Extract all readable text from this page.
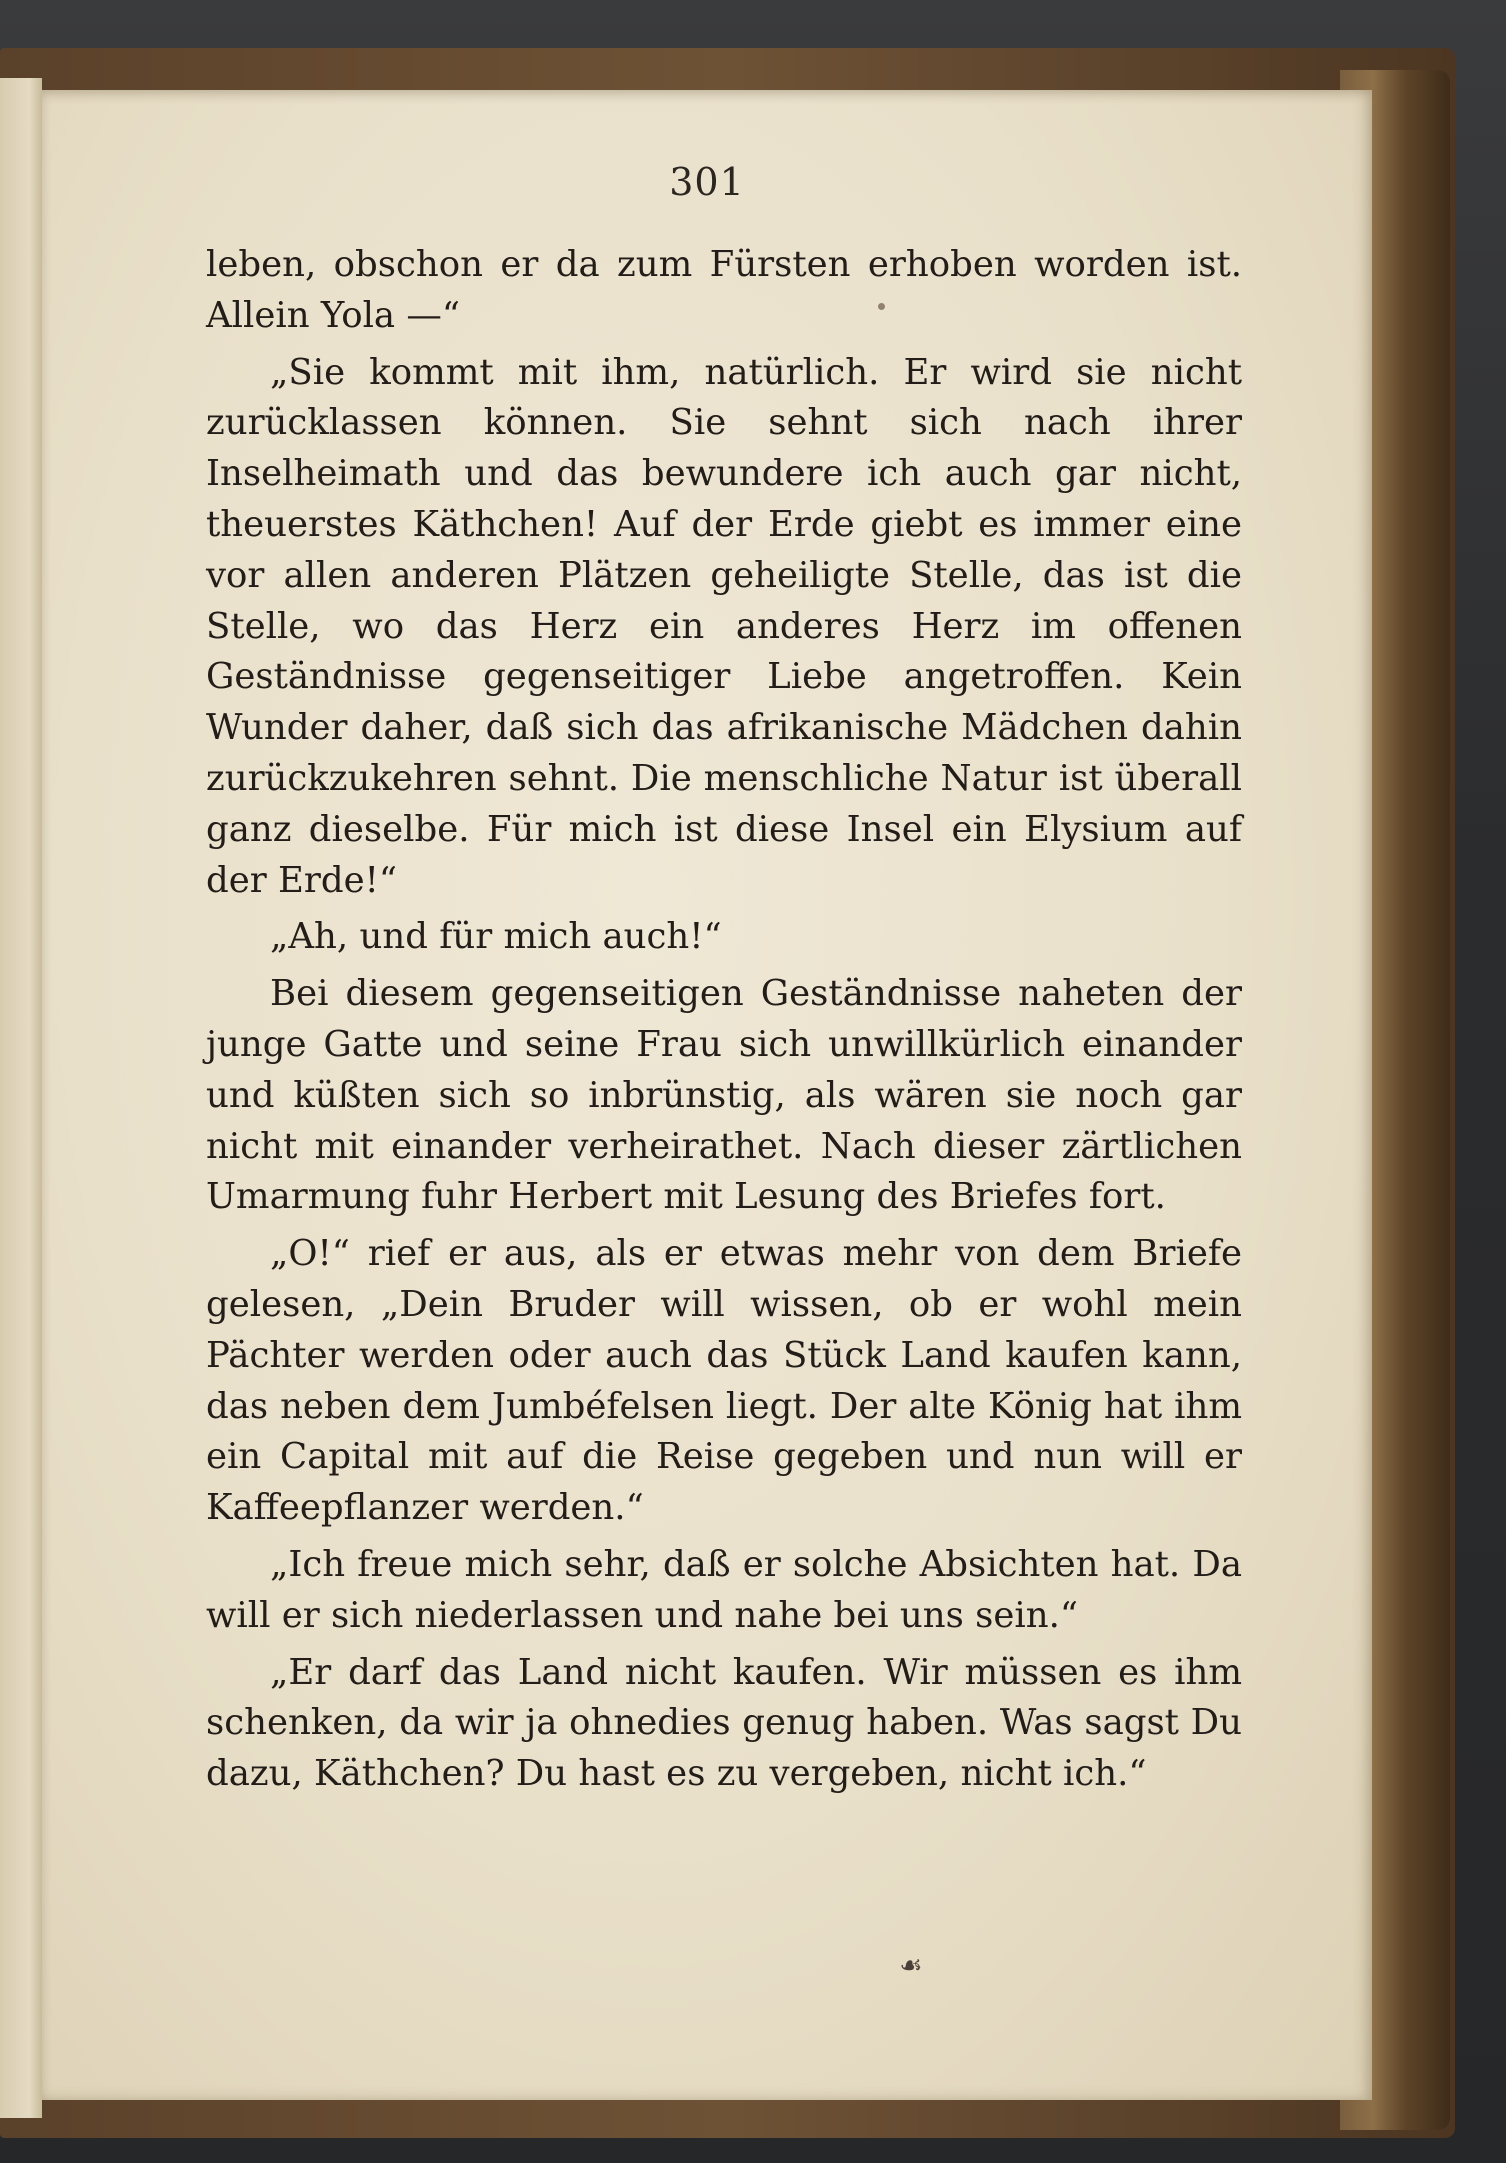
301

leben, obschon er da zum Fürsten erhoben worden ist. Allein Yola —“

„Sie kommt mit ihm, natürlich. Er wird sie nicht zurücklassen können. Sie sehnt sich nach ihrer Inselheimath und das bewundere ich auch gar nicht, theuerstes Käthchen! Auf der Erde giebt es immer eine vor allen anderen Plätzen geheiligte Stelle, das ist die Stelle, wo das Herz ein anderes Herz im offenen Geständnisse gegenseitiger Liebe angetroffen. Kein Wunder daher, daß sich das afrikanische Mädchen dahin zurückzukehren sehnt. Die menschliche Natur ist überall ganz dieselbe. Für mich ist diese Insel ein Elysium auf der Erde!“

„Ah, und für mich auch!“

Bei diesem gegenseitigen Geständnisse naheten der junge Gatte und seine Frau sich unwillkürlich einander und küßten sich so inbrünstig, als wären sie noch gar nicht mit einander verheirathet. Nach dieser zärtlichen Umarmung fuhr Herbert mit Lesung des Briefes fort.

„O!“ rief er aus, als er etwas mehr von dem Briefe gelesen, „Dein Bruder will wissen, ob er wohl mein Pächter werden oder auch das Stück Land kaufen kann, das neben dem Jumbéfelsen liegt. Der alte König hat ihm ein Capital mit auf die Reise gegeben und nun will er Kaffeepflanzer werden.“

„Ich freue mich sehr, daß er solche Absichten hat. Da will er sich niederlassen und nahe bei uns sein.“

„Er darf das Land nicht kaufen. Wir müssen es ihm schenken, da wir ja ohnedies genug haben. Was sagst Du dazu, Käthchen? Du hast es zu vergeben, nicht ich.“

☙
